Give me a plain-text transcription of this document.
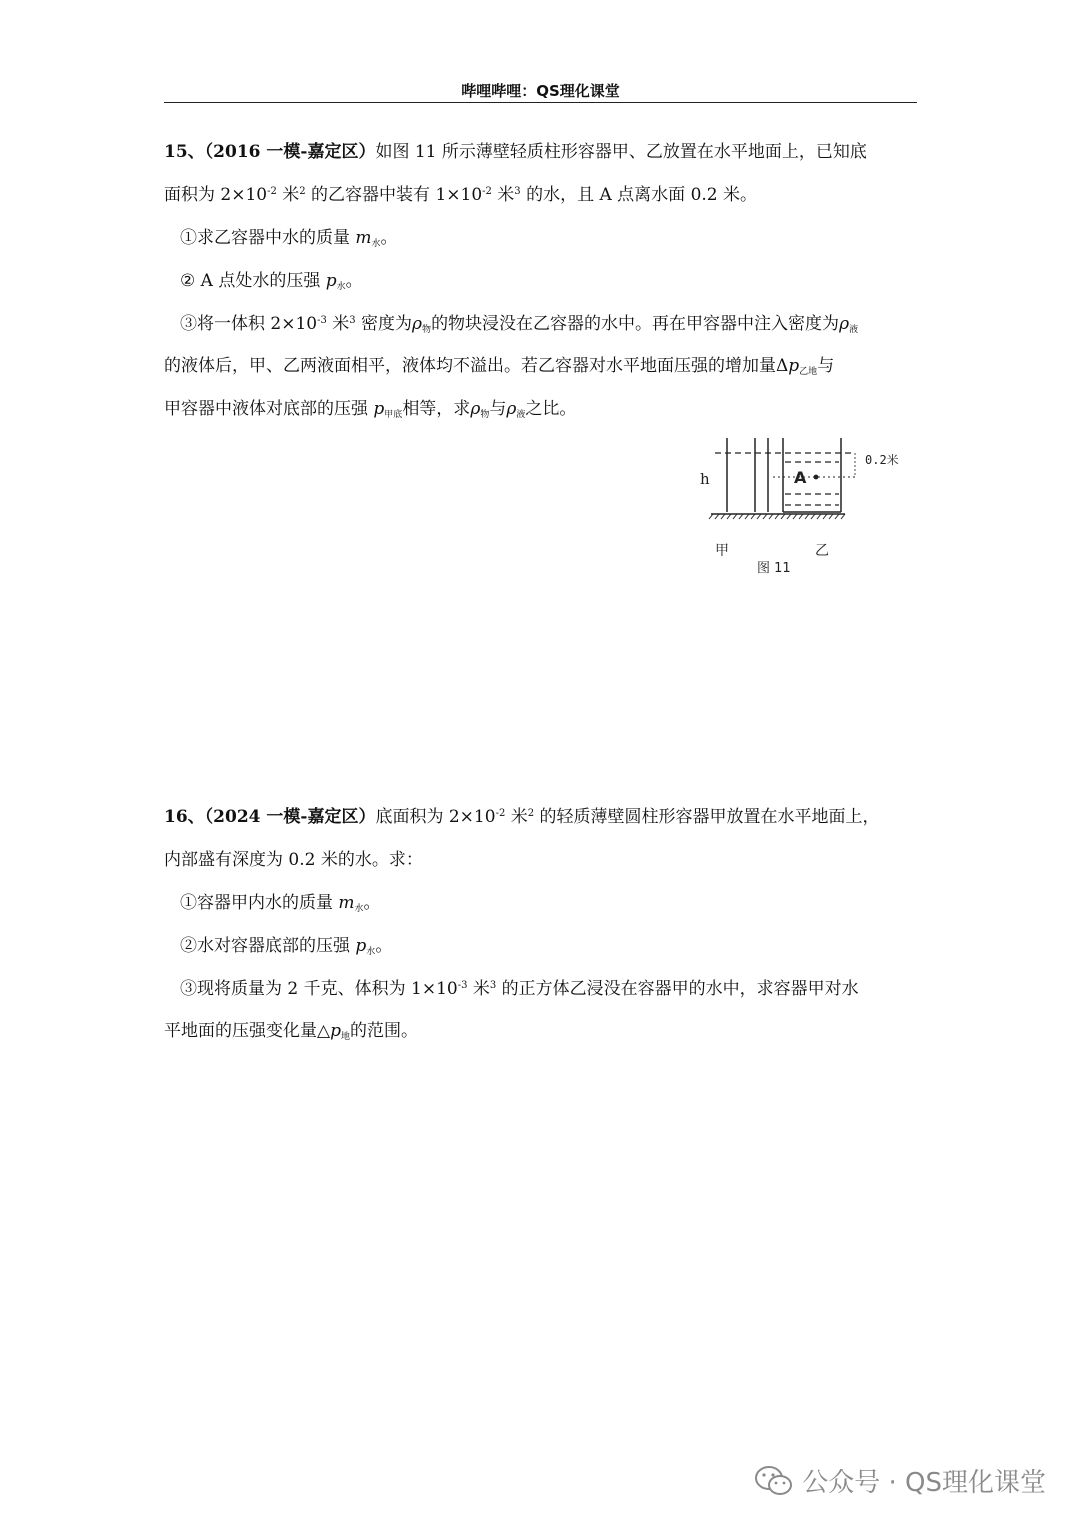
哔哩哔哩：QS理化课堂
15、（2016 一模-嘉定区）如图 11 所示薄壁轻质柱形容器甲、乙放置在水平地面上，已知底
面积为 $2\times 10^{-2}$ 米$^2$ 的乙容器中装有 $1\times 10^{-2}$ 米$^3$ 的水，且 A 点离水面 0.2 米。
①求乙容器中水的质量 $m_水$。
② A 点处水的压强 $p_水$。
③将一体积 $2\times 10^{-3}$ 米$^3$ 密度为$\rho_物$的物块浸没在乙容器的水中。再在甲容器中注入密度为$\rho_液$
的液体后，甲、乙两液面相平，液体均不溢出。若乙容器对水平地面压强的增加量$\Delta p_{乙地}$与
甲容器中液体对底部的压强 $p_{甲底}$相等，求$\rho_物$与$\rho_液$之比。
h	A
0.2米
甲	乙
图 11
16、（2024 一模-嘉定区）底面积为 $2\times 10^{-2}$ 米$^2$ 的轻质薄壁圆柱形容器甲放置在水平地面上，
内部盛有深度为 0.2 米的水。求：
①容器甲内水的质量 $m_水$。
②水对容器底部的压强 $p_水$。
③现将质量为 2 千克、体积为 $1\times 10^{-3}$ 米$^3$ 的正方体乙浸没在容器甲的水中，求容器甲对水
平地面的压强变化量$\triangle p_地$的范围。
公众号 · QS理化课堂
